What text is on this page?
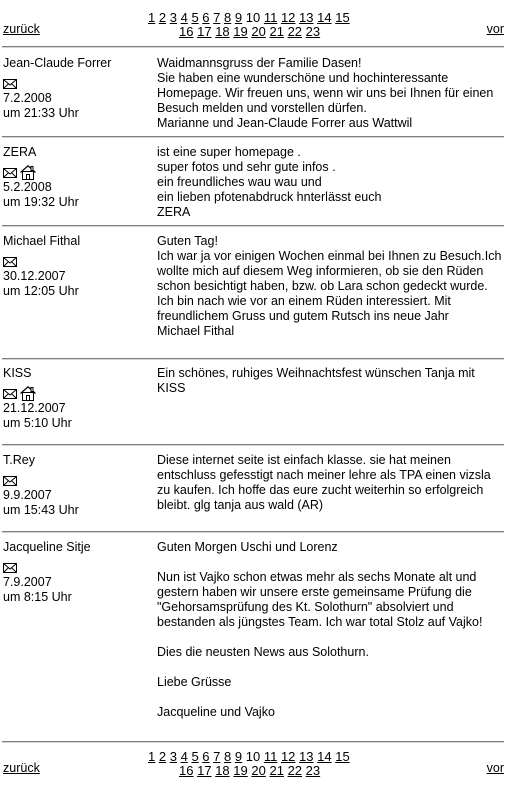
zurück
1 2 3 4 5 6 7 8 9 10 11 12 13 14 15
16 17 18 19 20 21 22 23	vor
Jean-Claude Forrer
7.2.2008
um 21:33 Uhr
Waidmannsgruss der Familie Dasen!
Sie haben eine wunderschöne und hochinteressante Homepage. Wir freuen uns, wenn wir uns bei Ihnen für einen Besuch melden und vorstellen dürfen.
Marianne und Jean-Claude Forrer aus Wattwil
ZERA
5.2.2008
um 19:32 Uhr
ist eine super homepage .
super fotos und sehr gute infos .
ein freundliches wau wau und
ein lieben pfotenabdruck hnterlässt euch
ZERA
Michael Fithal
30.12.2007
um 12:05 Uhr
Guten Tag!
Ich war ja vor einigen Wochen einmal bei Ihnen zu Besuch.Ich wollte mich auf diesem Weg informieren, ob sie den Rüden schon besichtigt haben, bzw. ob Lara schon gedeckt wurde. Ich bin nach wie vor an einem Rüden interessiert. Mit freundlichem Gruss und gutem Rutsch ins neue Jahr
Michael Fithal
KISS
21.12.2007
um 5:10 Uhr
Ein schönes, ruhiges Weihnachtsfest wünschen Tanja mit KISS
T.Rey
9.9.2007
um 15:43 Uhr
Diese internet seite ist einfach klasse. sie hat meinen entschluss gefesstigt nach meiner lehre als TPA einen vizsla zu kaufen. Ich hoffe das eure zucht weiterhin so erfolgreich bleibt. glg tanja aus wald (AR)
Jacqueline Sitje
7.9.2007
um 8:15 Uhr
Guten Morgen Uschi und Lorenz

Nun ist Vajko schon etwas mehr als sechs Monate alt und gestern haben wir unsere erste gemeinsame Prüfung die "Gehorsamsprüfung des Kt. Solothurn" absolviert und bestanden als jüngstes Team. Ich war total Stolz auf Vajko!

Dies die neusten News aus Solothurn.

Liebe Grüsse

Jacqueline und Vajko
zurück
1 2 3 4 5 6 7 8 9 10 11 12 13 14 15
16 17 18 19 20 21 22 23	vor
